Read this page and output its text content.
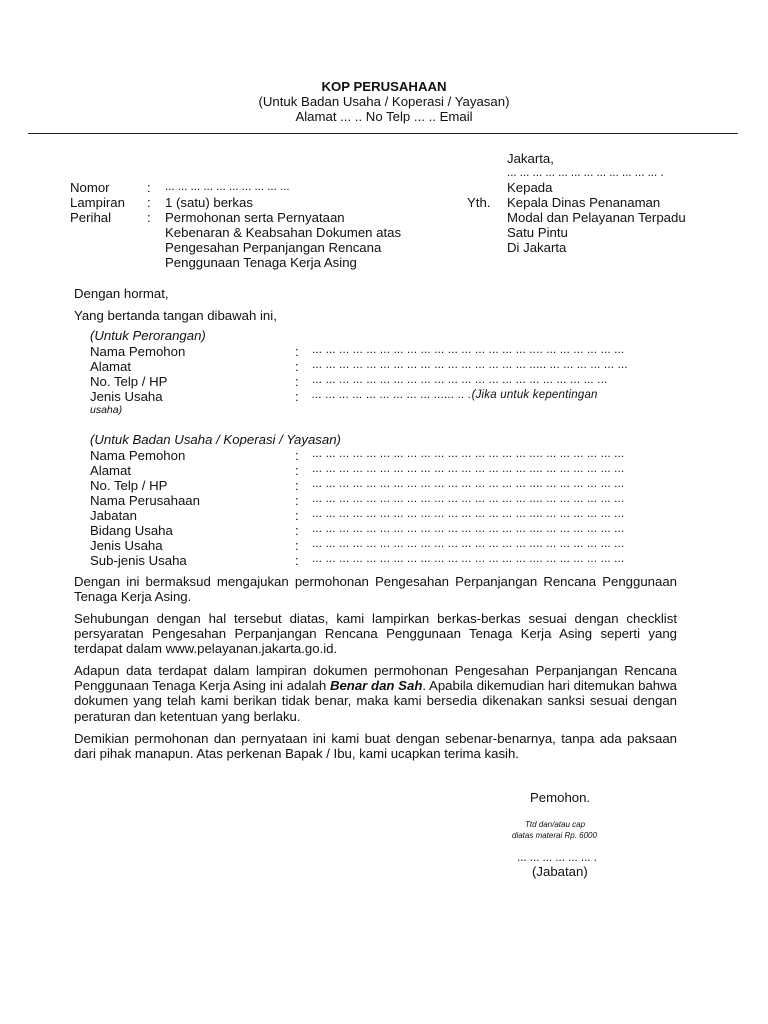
KOP PERUSAHAAN
(Untuk Badan Usaha / Koperasi / Yayasan)
Alamat ... .. No Telp ... .. Email
Jakarta,
... ... ... ... ... ... ... ... ... ... ... ... .
Kepada
Kepala Dinas Penanaman
Modal dan Pelayanan Terpadu
Satu Pintu
Di Jakarta
Yth.
Nomor	: ... ... ... ... ... ... ... ... ... ...
Lampiran : 1 (satu) berkas
Perihal	: Permohonan serta Pernyataan
Kebenaran & Keabsahan Dokumen atas
Pengesahan Perpanjangan Rencana
Penggunaan Tenaga Kerja Asing
Dengan hormat,
Yang bertanda tangan dibawah ini,
(Untuk Perorangan)
Nama Pemohon	: ... ... ... ... ... ... ... ... ... ... ... ... ... ... ... ... .... ... ... ... ... ... ...
Alamat	: ... ... ... ... ... ... ... ... ... ... ... ... ... ... ... ... ..... ... ... ... ... ... ...
No. Telp / HP	: ... ... ... ... ... ... ... ... ... ... ... ... ... ... ... ... ... ... ... ... ... ...
Jenis Usaha	: ... ... ... ... ... ... ... ... ... ...... .. .(Jika untuk kepentingan
usaha)
(Untuk Badan Usaha / Koperasi / Yayasan)
Nama Pemohon	: ... ... ... ... ... ... ... ... ... ... ... ... ... ... ... ... .... ... ... ... ... ... ...
Alamat	: ... ... ... ... ... ... ... ... ... ... ... ... ... ... ... ... .... ... ... ... ... ... ...
No. Telp / HP	: ... ... ... ... ... ... ... ... ... ... ... ... ... ... ... ... .... ... ... ... ... ... ...
Nama Perusahaan	: ... ... ... ... ... ... ... ... ... ... ... ... ... ... ... ... .... ... ... ... ... ... ...
Jabatan	: ... ... ... ... ... ... ... ... ... ... ... ... ... ... ... ... .... ... ... ... ... ... ...
Bidang Usaha	: ... ... ... ... ... ... ... ... ... ... ... ... ... ... ... ... .... ... ... ... ... ... ...
Jenis Usaha	: ... ... ... ... ... ... ... ... ... ... ... ... ... ... ... ... .... ... ... ... ... ... ...
Sub-jenis Usaha	: ... ... ... ... ... ... ... ... ... ... ... ... ... ... ... ... .... ... ... ... ... ... ...
Dengan ini bermaksud mengajukan permohonan Pengesahan Perpanjangan Rencana Penggunaan Tenaga Kerja Asing.
Sehubungan dengan hal tersebut diatas, kami lampirkan berkas-berkas sesuai dengan checklist persyaratan Pengesahan Perpanjangan Rencana Penggunaan Tenaga Kerja Asing seperti yang terdapat dalam www.pelayanan.jakarta.go.id.
Adapun data terdapat dalam lampiran dokumen permohonan Pengesahan Perpanjangan Rencana Penggunaan Tenaga Kerja Asing ini adalah Benar dan Sah. Apabila dikemudian hari ditemukan bahwa dokumen yang telah kami berikan tidak benar, maka kami bersedia dikenakan sanksi sesuai dengan peraturan dan ketentuan yang berlaku.
Demikian permohonan dan pernyataan ini kami buat dengan sebenar-benarnya, tanpa ada paksaan dari pihak manapun. Atas perkenan Bapak / Ibu, kami ucapkan terima kasih.
Pemohon.
Ttd dan/atau cap
diatas materai Rp. 6000
... ... ... ... ... ... .
(Jabatan)
